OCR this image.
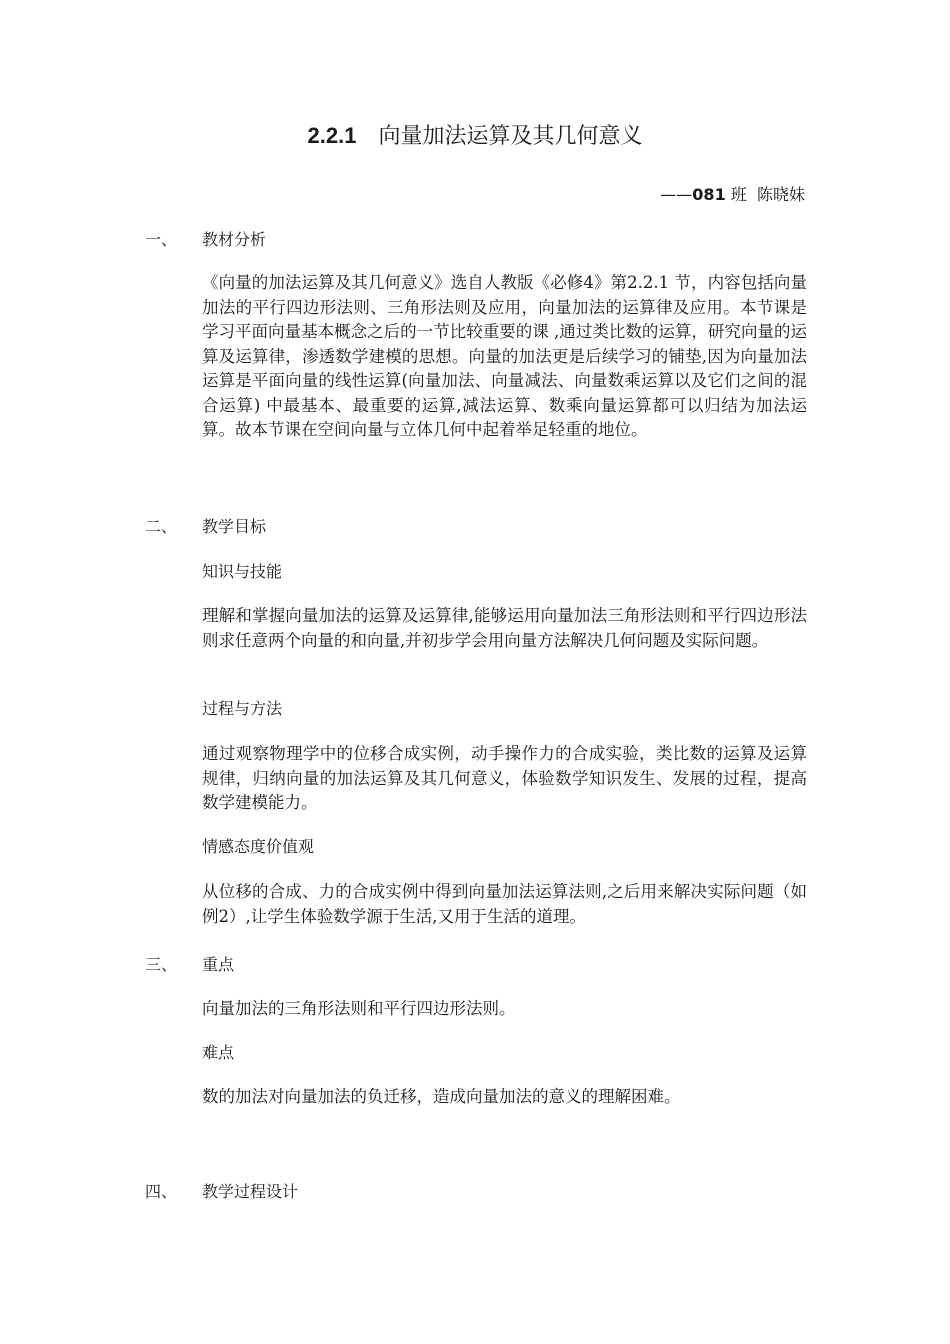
2.2.1 向量加法运算及其几何意义
——081 班 陈晓妹
一、 教材分析
《向量的加法运算及其几何意义》选自人教版《必修4》第2.2.1 节，内容包括向量加法的平行四边形法则、三角形法则及应用，向量加法的运算律及应用。本节课是学习平面向量基本概念之后的一节比较重要的课 ,通过类比数的运算，研究向量的运算及运算律，渗透数学建模的思想。向量的加法更是后续学习的铺垫,因为向量加法运算是平面向量的线性运算(向量加法、向量减法、向量数乘运算以及它们之间的混合运算) 中最基本、最重要的运算,减法运算、数乘向量运算都可以归结为加法运算。故本节课在空间向量与立体几何中起着举足轻重的地位。
二、 教学目标
知识与技能
理解和掌握向量加法的运算及运算律,能够运用向量加法三角形法则和平行四边形法则求任意两个向量的和向量,并初步学会用向量方法解决几何问题及实际问题。
过程与方法
通过观察物理学中的位移合成实例，动手操作力的合成实验，类比数的运算及运算规律，归纳向量的加法运算及其几何意义，体验数学知识发生、发展的过程，提高数学建模能力。
情感态度价值观
从位移的合成、力的合成实例中得到向量加法运算法则,之后用来解决实际问题（如例2）,让学生体验数学源于生活,又用于生活的道理。
三、 重点
向量加法的三角形法则和平行四边形法则。
难点
数的加法对向量加法的负迁移，造成向量加法的意义的理解困难。
四、 教学过程设计
